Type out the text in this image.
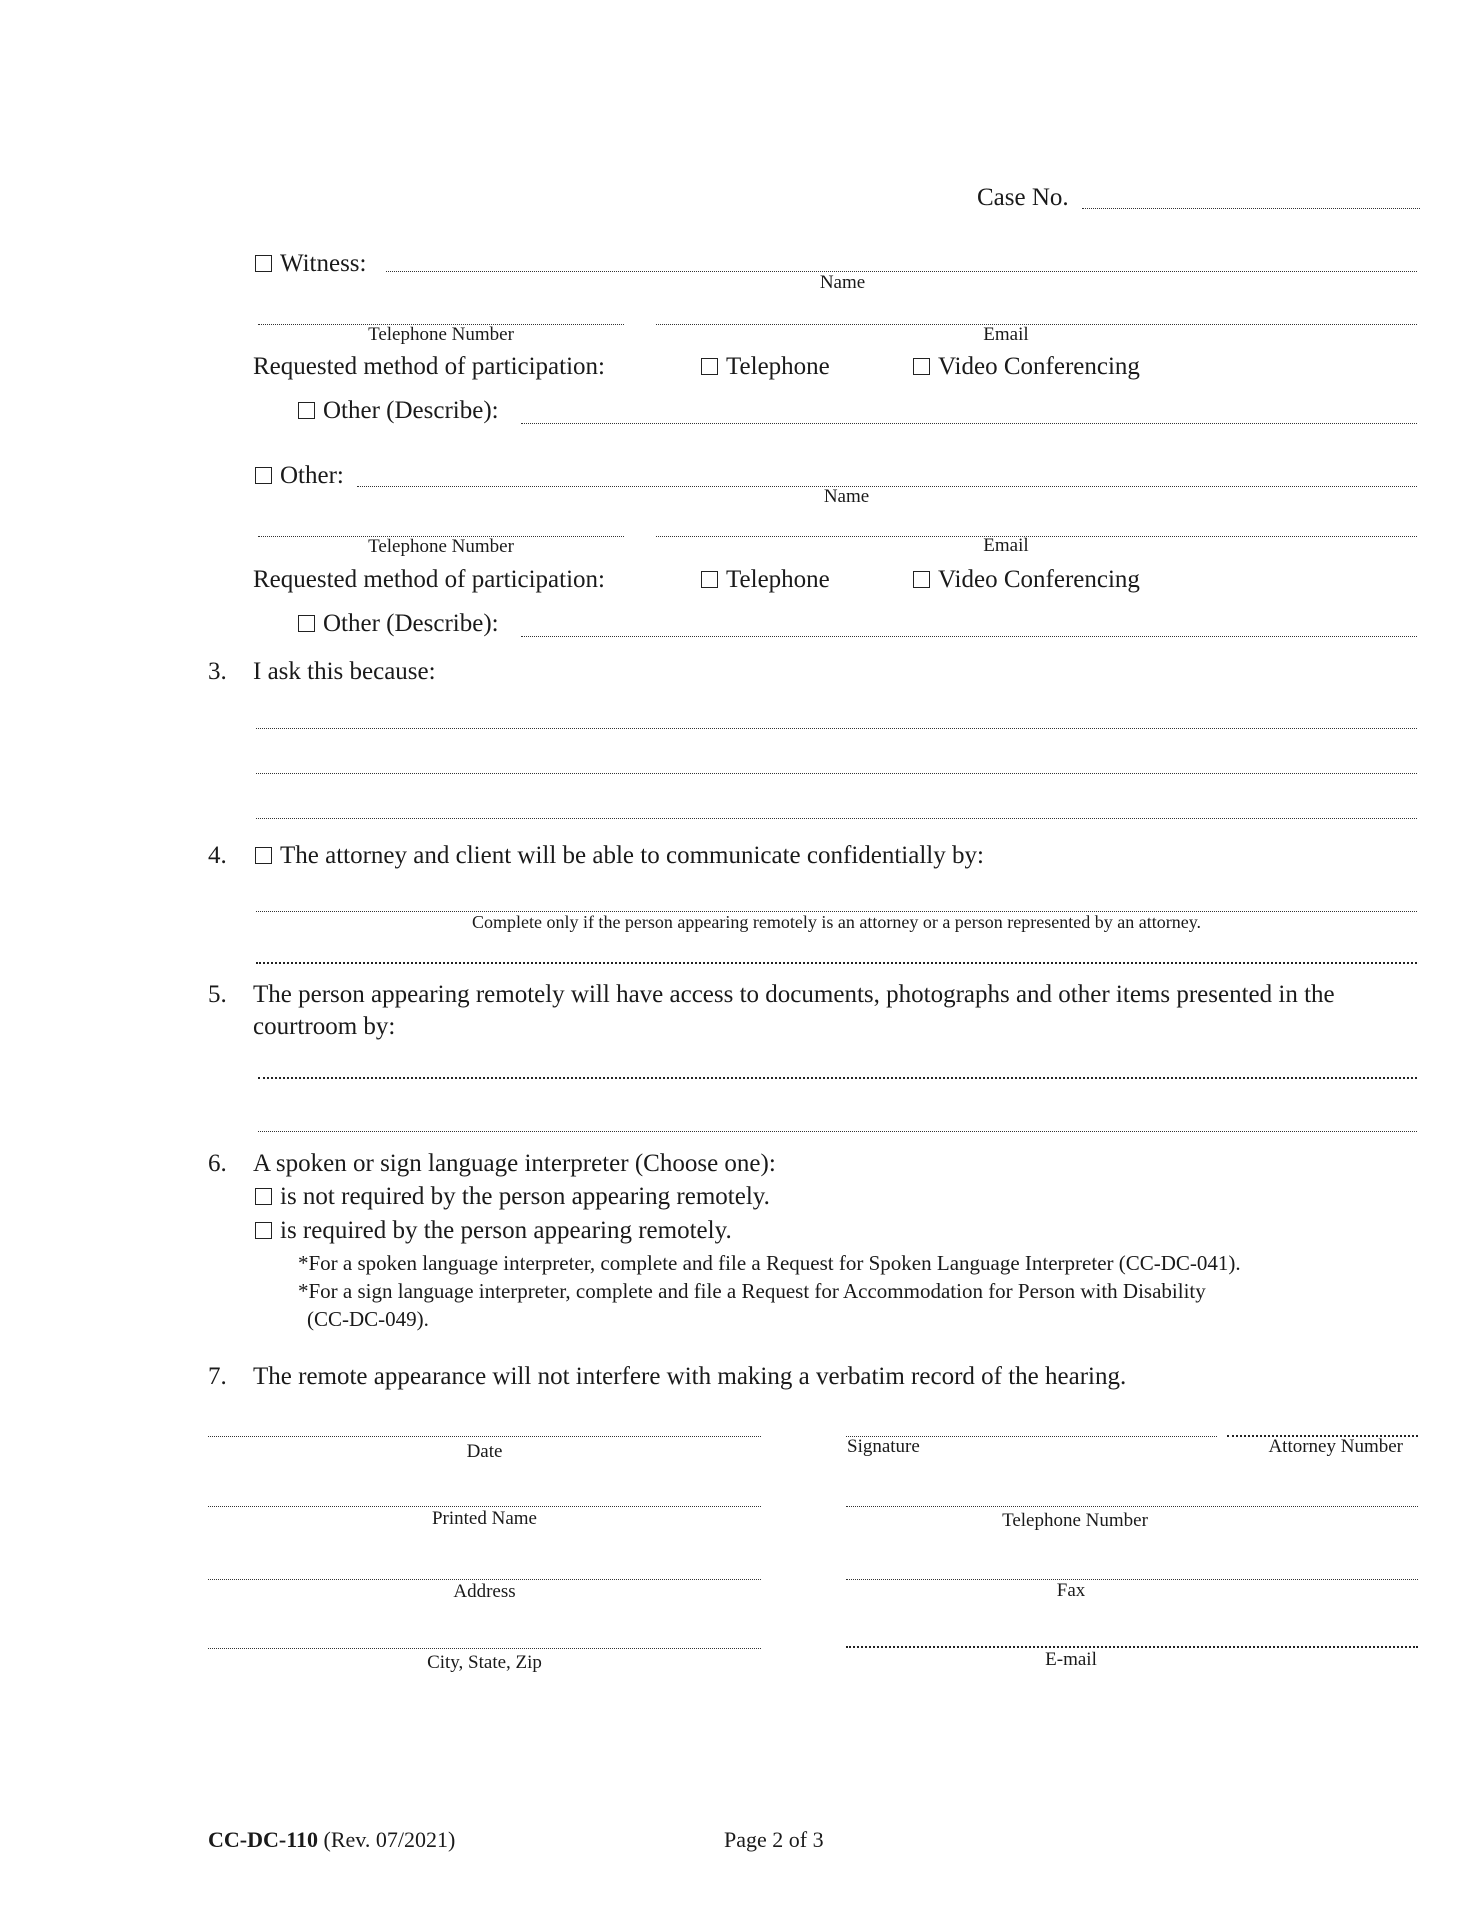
Case No.
Witness:
Name
Telephone Number	Email
Requested method of participation:	Telephone	Video Conferencing
Other (Describe):
Other:
Name
Telephone Number	Email
Requested method of participation:	Telephone	Video Conferencing
Other (Describe):
3. I ask this because:
4.	The attorney and client will be able to communicate confidentially by:
Complete only if the person appearing remotely is an attorney or a person represented by an attorney.
5. The person appearing remotely will have access to documents, photographs and other items presented in the
courtroom by:
6. A spoken or sign language interpreter (Choose one):
is not required by the person appearing remotely.
is required by the person appearing remotely.
*For a spoken language interpreter, complete and file a Request for Spoken Language Interpreter (CC-DC-041).
*For a sign language interpreter, complete and file a Request for Accommodation for Person with Disability
(CC-DC-049).
7. The remote appearance will not interfere with making a verbatim record of the hearing.
Date
Printed Name
Address
City, State, Zip
Signature	Attorney Number
Telephone Number
Fax
E-mail
CC-DC-110 (Rev. 07/2021)	Page 2 of 3
